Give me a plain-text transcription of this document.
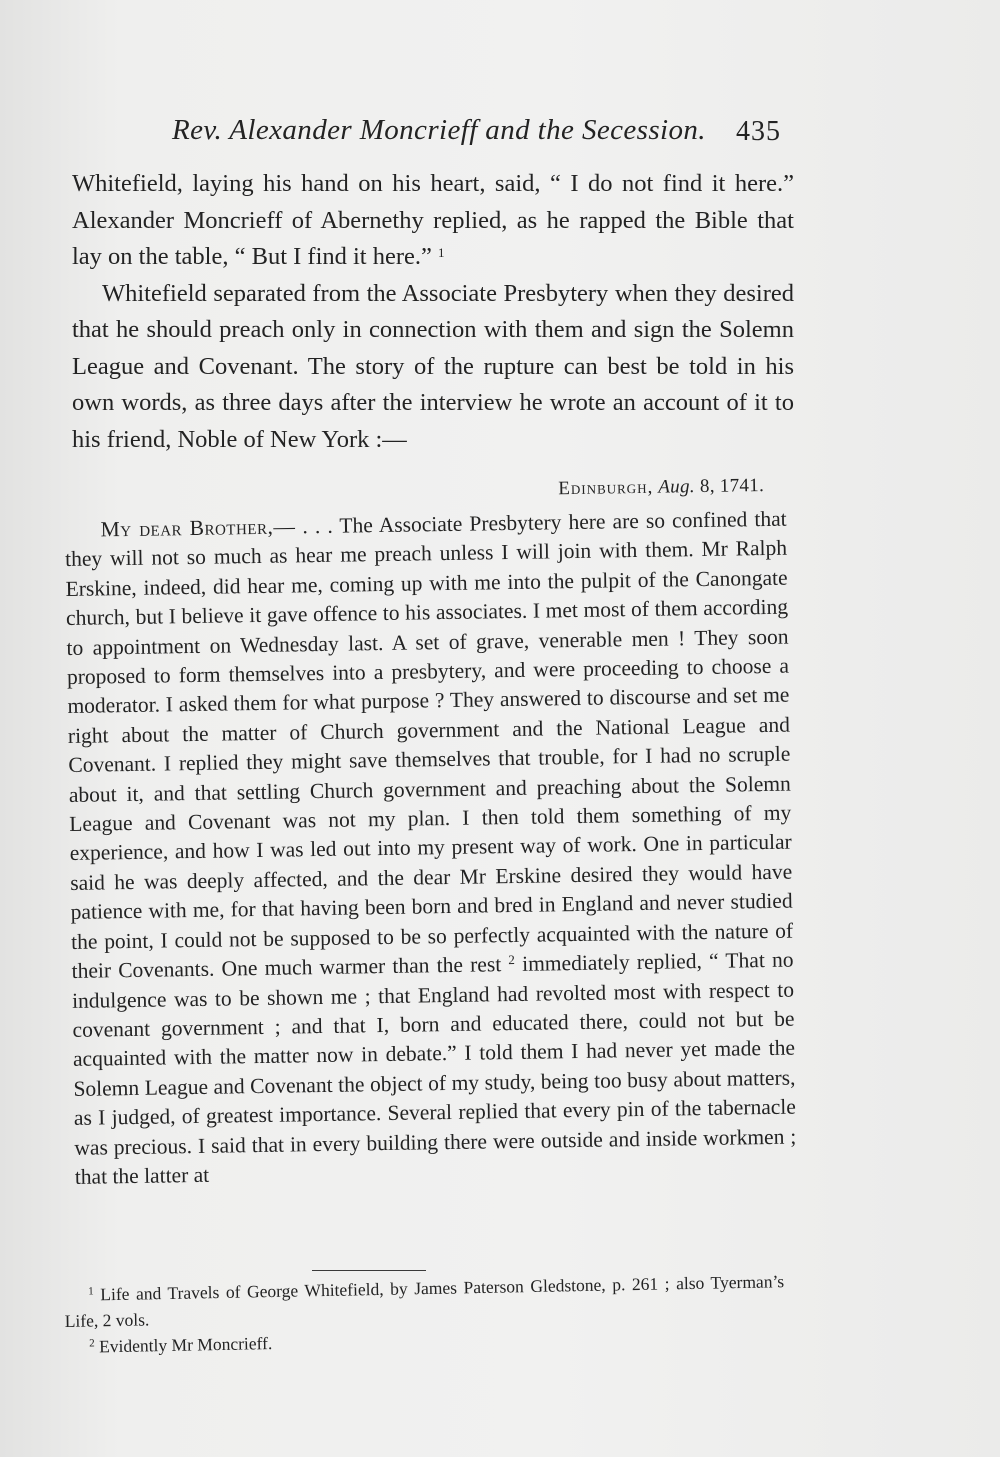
Rev. Alexander Moncrieff and the Secession. 435

Whitefield, laying his hand on his heart, said, “ I do not find it here.” Alexander Moncrieff of Abernethy replied, as he rapped the Bible that lay on the table, “ But I find it here.” $^1$

Whitefield separated from the Associate Presbytery when they desired that he should preach only in connection with them and sign the Solemn League and Covenant. The story of the rupture can best be told in his own words, as three days after the interview he wrote an account of it to his friend, Noble of New York :—

Edinburgh, Aug. 8, 1741.

My dear Brother,— . . . The Associate Presbytery here are so confined that they will not so much as hear me preach unless I will join with them. Mr Ralph Erskine, indeed, did hear me, coming up with me into the pulpit of the Canongate church, but I believe it gave offence to his associates. I met most of them according to appointment on Wednesday last. A set of grave, venerable men ! They soon proposed to form themselves into a presbytery, and were proceeding to choose a moderator. I asked them for what purpose ? They answered to discourse and set me right about the matter of Church government and the National League and Covenant. I replied they might save themselves that trouble, for I had no scruple about it, and that settling Church government and preaching about the Solemn League and Covenant was not my plan. I then told them something of my experience, and how I was led out into my present way of work. One in particular said he was deeply affected, and the dear Mr Erskine desired they would have patience with me, for that having been born and bred in England and never studied the point, I could not be supposed to be so perfectly acquainted with the nature of their Covenants. One much warmer than the rest $^2$ immediately replied, “ That no indulgence was to be shown me ; that England had revolted most with respect to covenant government ; and that I, born and educated there, could not but be acquainted with the matter now in debate.” I told them I had never yet made the Solemn League and Covenant the object of my study, being too busy about matters, as I judged, of greatest importance. Several replied that every pin of the tabernacle was precious. I said that in every building there were outside and inside workmen ; that the latter at

$^1$ Life and Travels of George Whitefield, by James Paterson Gledstone, p. 261 ; also Tyerman’s Life, 2 vols.

$^2$ Evidently Mr Moncrieff.
